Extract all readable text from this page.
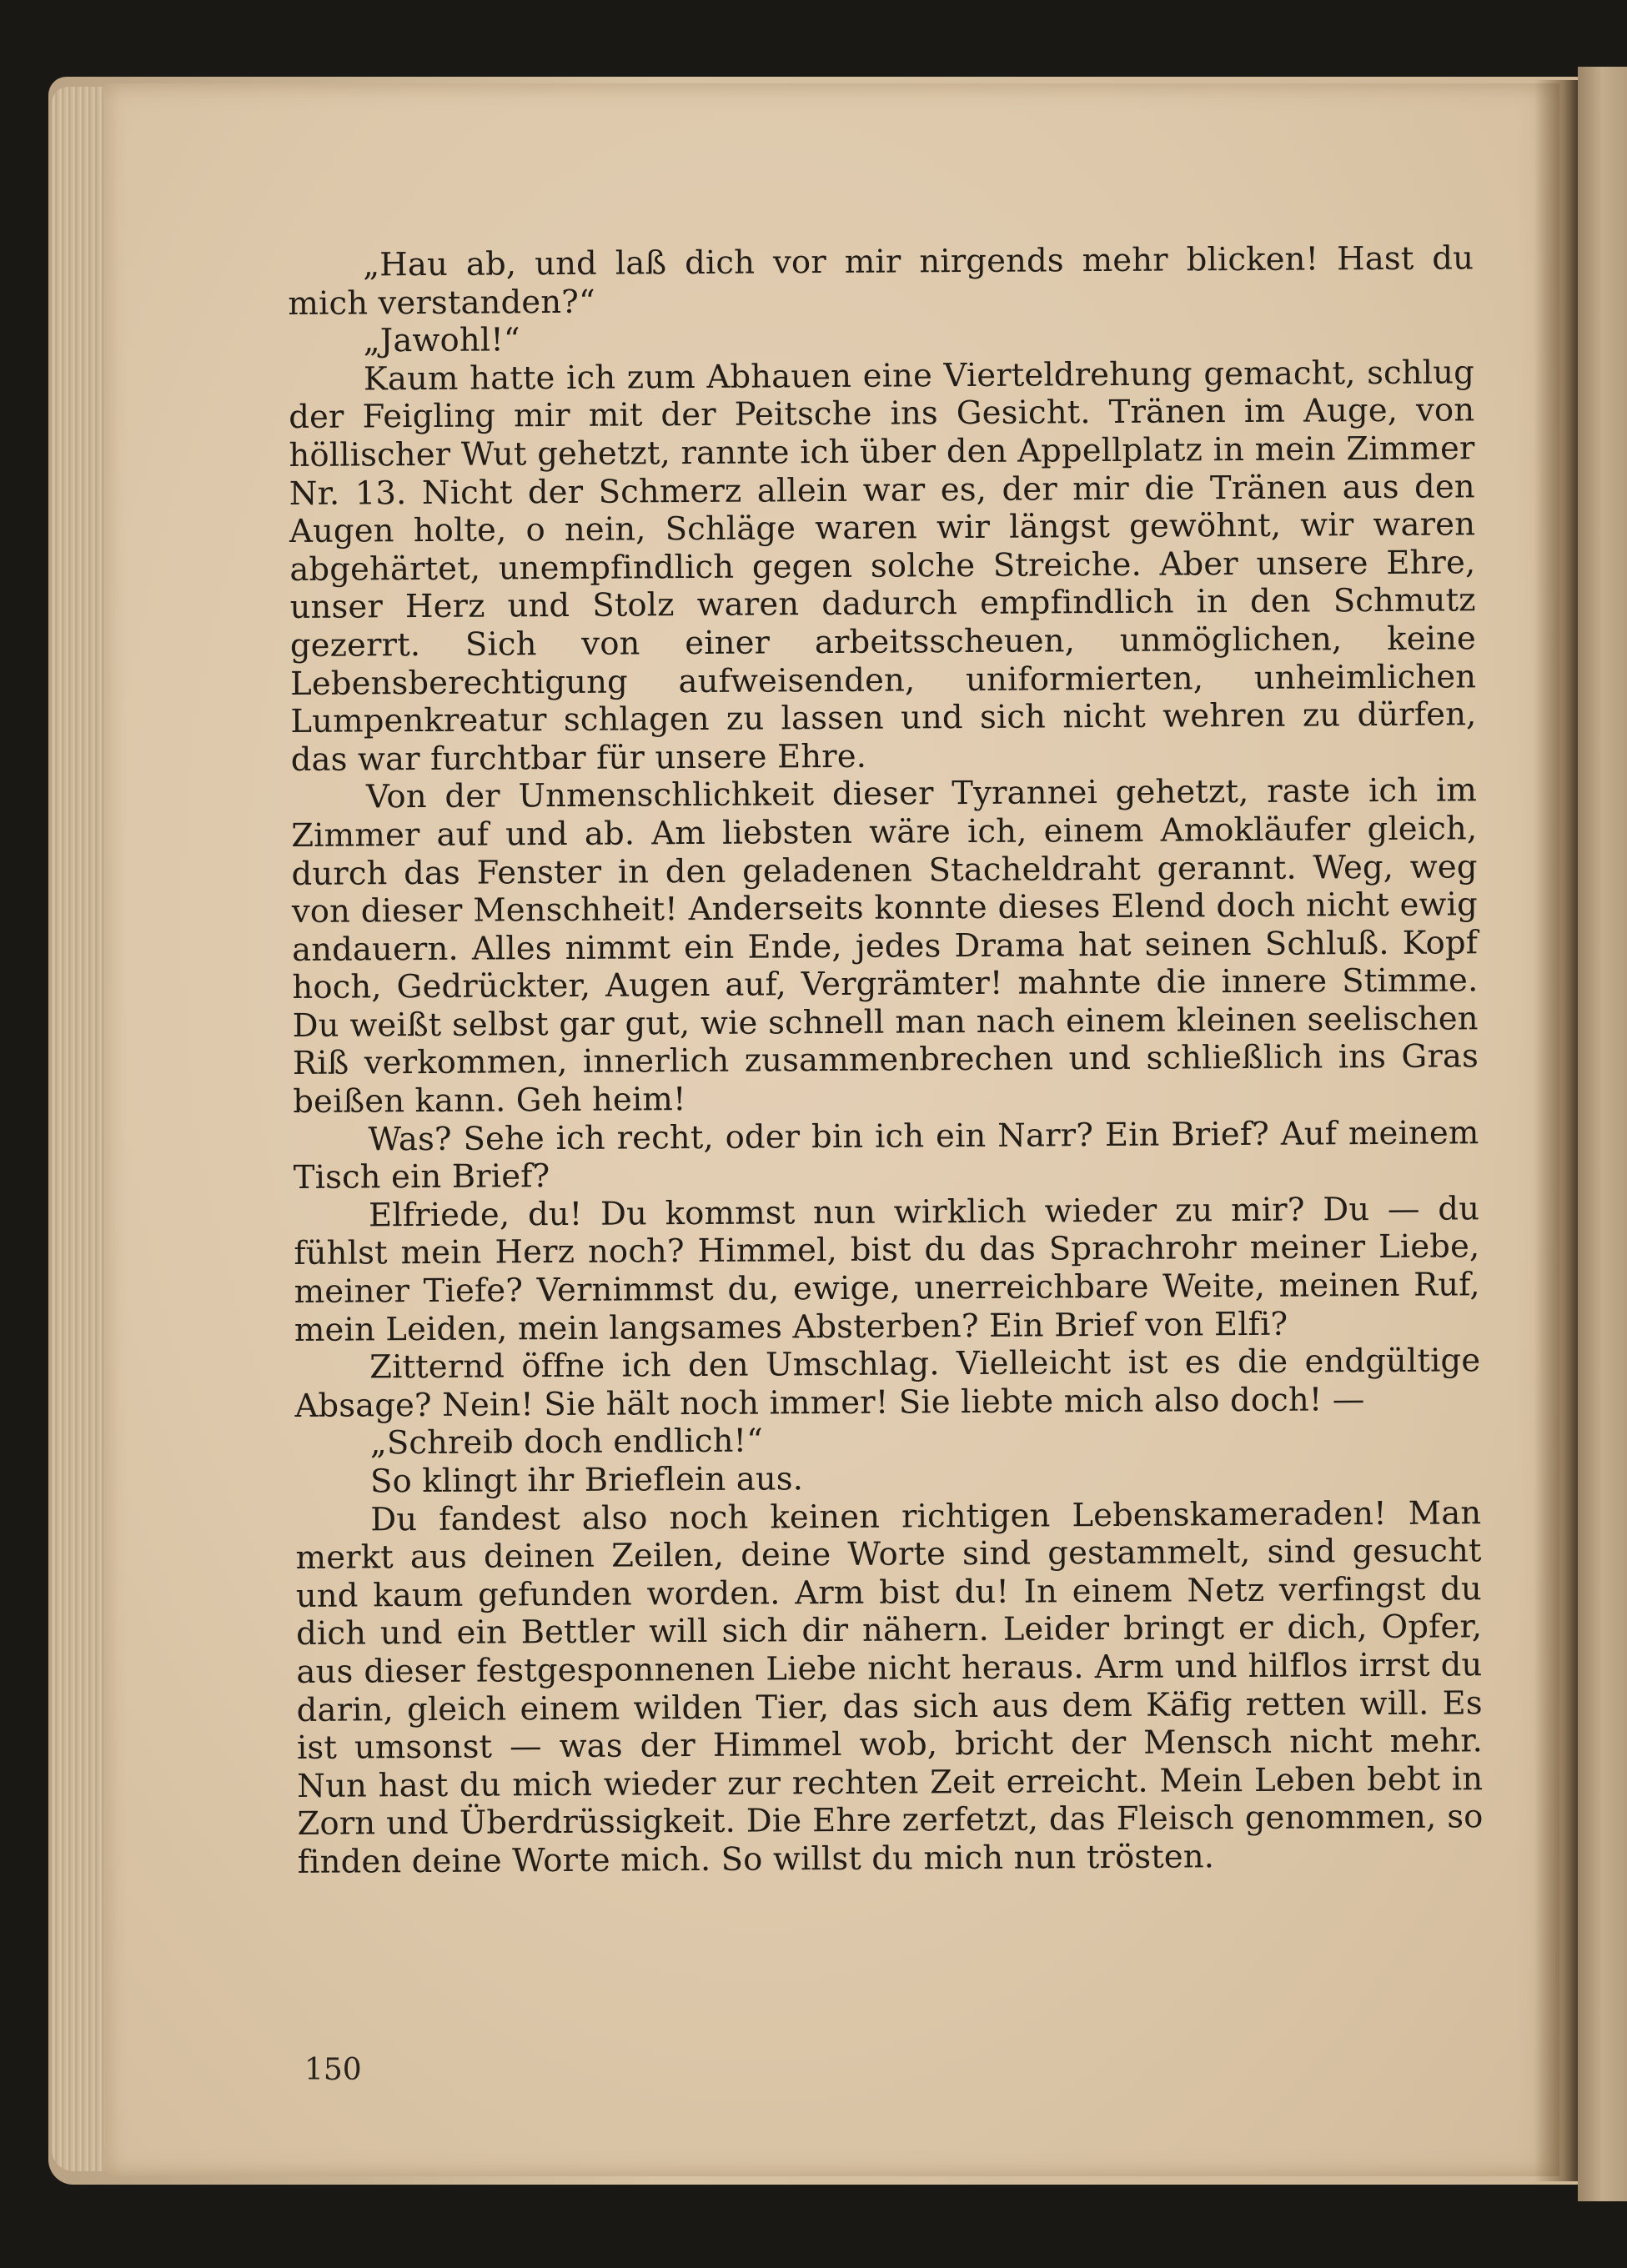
„Hau ab, und laß dich vor mir nirgends mehr blicken! Hast du mich verstanden?“

„Jawohl!“

Kaum hatte ich zum Abhauen eine Vierteldrehung gemacht, schlug der Feigling mir mit der Peitsche ins Gesicht. Tränen im Auge, von höllischer Wut gehetzt, rannte ich über den Appellplatz in mein Zimmer Nr. 13. Nicht der Schmerz allein war es, der mir die Tränen aus den Augen holte, o nein, Schläge waren wir längst gewöhnt, wir waren abgehärtet, unempfindlich gegen solche Streiche. Aber unsere Ehre, unser Herz und Stolz waren dadurch empfindlich in den Schmutz gezerrt. Sich von einer arbeitsscheuen, unmöglichen, keine Lebensberechtigung aufweisenden, uniformierten, unheimlichen Lumpenkreatur schlagen zu lassen und sich nicht wehren zu dürfen, das war furchtbar für unsere Ehre.

Von der Unmenschlichkeit dieser Tyrannei gehetzt, raste ich im Zimmer auf und ab. Am liebsten wäre ich, einem Amokläufer gleich, durch das Fenster in den geladenen Stacheldraht gerannt. Weg, weg von dieser Menschheit! Anderseits konnte dieses Elend doch nicht ewig andauern. Alles nimmt ein Ende, jedes Drama hat seinen Schluß. Kopf hoch, Gedrückter, Augen auf, Vergrämter! mahnte die innere Stimme. Du weißt selbst gar gut, wie schnell man nach einem kleinen seelischen Riß verkommen, innerlich zusammenbrechen und schließlich ins Gras beißen kann. Geh heim!

Was? Sehe ich recht, oder bin ich ein Narr? Ein Brief? Auf meinem Tisch ein Brief?

Elfriede, du! Du kommst nun wirklich wieder zu mir? Du — du fühlst mein Herz noch? Himmel, bist du das Sprachrohr meiner Liebe, meiner Tiefe? Vernimmst du, ewige, unerreichbare Weite, meinen Ruf, mein Leiden, mein langsames Absterben? Ein Brief von Elfi?

Zitternd öffne ich den Umschlag. Vielleicht ist es die endgültige Absage? Nein! Sie hält noch immer! Sie liebte mich also doch! —

„Schreib doch endlich!“

So klingt ihr Brieflein aus.

Du fandest also noch keinen richtigen Lebenskameraden! Man merkt aus deinen Zeilen, deine Worte sind gestammelt, sind gesucht und kaum gefunden worden. Arm bist du! In einem Netz verfingst du dich und ein Bettler will sich dir nähern. Leider bringt er dich, Opfer, aus dieser festgesponnenen Liebe nicht heraus. Arm und hilflos irrst du darin, gleich einem wilden Tier, das sich aus dem Käfig retten will. Es ist umsonst — was der Himmel wob, bricht der Mensch nicht mehr. Nun hast du mich wieder zur rechten Zeit erreicht. Mein Leben bebt in Zorn und Überdrüssigkeit. Die Ehre zerfetzt, das Fleisch genommen, so finden deine Worte mich. So willst du mich nun trösten.

150
